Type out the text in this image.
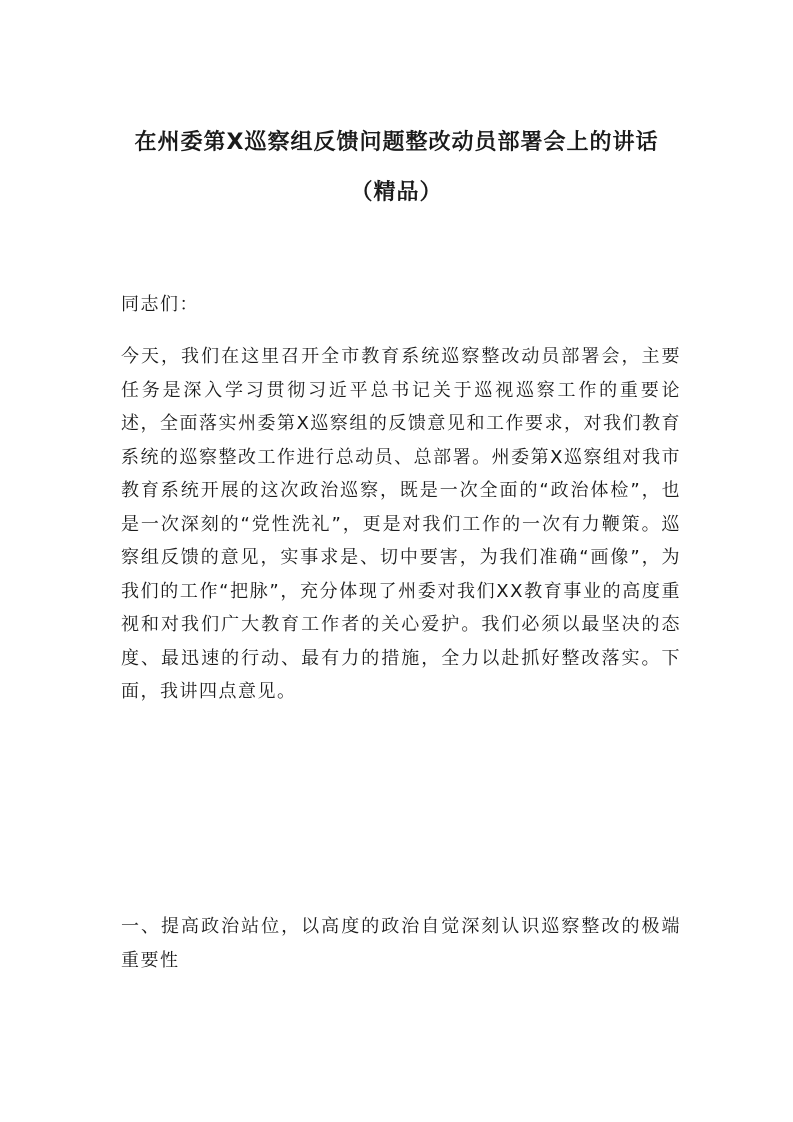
在州委第X巡察组反馈问题整改动员部署会上的讲话
（精品）

同志们：

今天，我们在这里召开全市教育系统巡察整改动员部署会，主要任务是深入学习贯彻习近平总书记关于巡视巡察工作的重要论述，全面落实州委第X巡察组的反馈意见和工作要求，对我们教育系统的巡察整改工作进行总动员、总部署。州委第X巡察组对我市教育系统开展的这次政治巡察，既是一次全面的“政治体检”，也是一次深刻的“党性洗礼”，更是对我们工作的一次有力鞭策。巡察组反馈的意见，实事求是、切中要害，为我们准确“画像”，为我们的工作“把脉”，充分体现了州委对我们XX教育事业的高度重视和对我们广大教育工作者的关心爱护。我们必须以最坚决的态度、最迅速的行动、最有力的措施，全力以赴抓好整改落实。下面，我讲四点意见。

一、提高政治站位，以高度的政治自觉深刻认识巡察整改的极端重要性
